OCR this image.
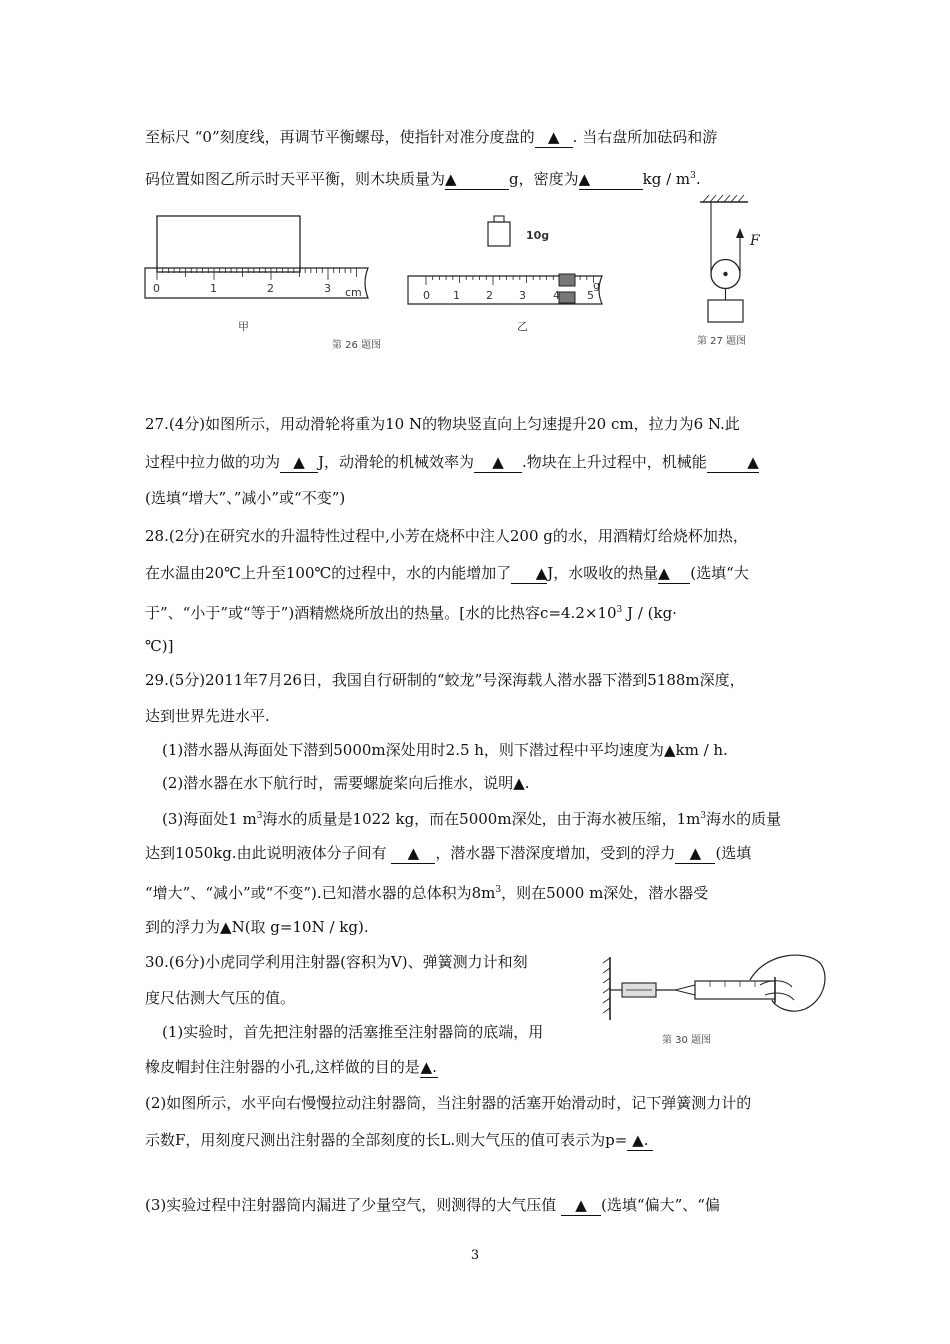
至标尺 “0”刻度线，再调节平衡螺母，使指针对准分度盘的 ▲ . 当右盘所加砝码和游
码位置如图乙所示时天平平衡，则木块质量为▲	g，密度为▲	kg / $m^3$.
0	1	2	3 cm
甲
10g
0 1 2 3 4 5
g
乙
第 26 题图
F
第 27 题图
27.(4分)如图所示，用动滑轮将重为10 N的物块竖直向上匀速提升20 cm，拉力为6 N.此
过程中拉力做的功为 ▲ J，动滑轮的机械效率为 ▲ .物块在上升过程中，机械能	▲
(选填“增大”、”减小”或“不变”)
28.(2分)在研究水的升温特性过程中,小芳在烧杯中注人200 g的水，用酒精灯给烧杯加热，
在水温由20℃上升至100℃的过程中，水的内能增加了 ▲J，水吸收的热量▲ (选填“大
于”、“小于”或“等于”)酒精燃烧所放出的热量。[水的比热容$c=4.2\times 10^3$ J / (kg·
℃)]
29.(5分)2011年7月26日，我国自行研制的“蛟龙”号深海载人潜水器下潜到5188m深度，
达到世界先进水平.
(1)潜水器从海面处下潜到5000m深处用时2.5 h，则下潜过程中平均速度为▲km / h.
(2)潜水器在水下航行时，需要螺旋桨向后推水，说明▲.
(3)海面处1 $m^3$海水的质量是1022 kg，而在5000m深处，由于海水被压缩，$1m^3$海水的质量
达到1050kg.由此说明液体分子间有 ▲ ，潜水器下潜深度增加，受到的浮力 ▲ (选填
“增大”、“减小”或“不变”).已知潜水器的总体积为$8m^3$，则在5000 m深处，潜水器受
到的浮力为▲N(取 g=10N / kg).
30.(6分)小虎同学利用注射器(容积为V)、弹簧测力计和刻
度尺估测大气压的值。
(1)实验时，首先把注射器的活塞推至注射器筒的底端，用
橡皮帽封住注射器的小孔,这样做的目的是▲.
(2)如图所示，水平向右慢慢拉动注射器筒，当注射器的活塞开始滑动时，记下弹簧测力计的
示数F，用刻度尺测出注射器的全部刻度的长L.则大气压的值可表示为p= ▲.
(3)实验过程中注射器筒内漏进了少量空气，则测得的大气压值 ▲ (选填“偏大”、“偏
第 30 题图
3
